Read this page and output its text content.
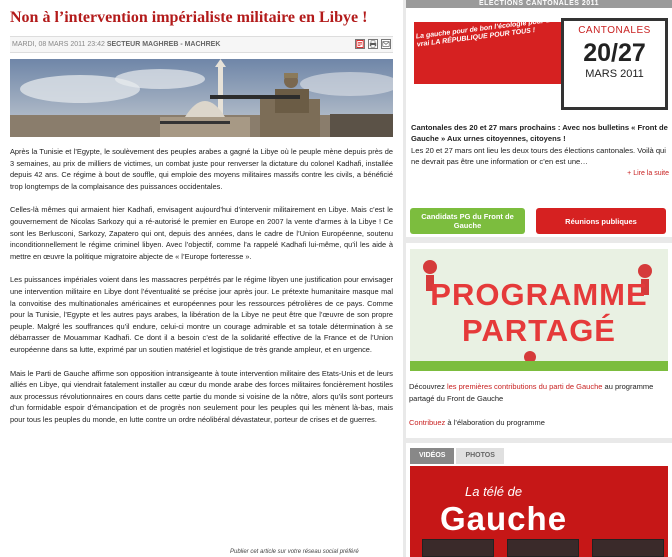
Non à l’intervention impérialiste militaire en Libye !
MARDI, 08 MARS 2011 23:42 SECTEUR MAGHREB - MACHREK

Après la Tunisie et l’Egypte, le soulèvement des peuples arabes a gagné la Libye où le peuple mène depuis près de 3 semaines, au prix de milliers de victimes, un combat juste pour renverser la dictature du colonel Kadhafi, installée depuis 42 ans. Ce régime à bout de souffle, qui emploie des moyens militaires massifs contre les civils, a bénéficié trop longtemps de la complaisance des puissances occidentales.

Celles-là mêmes qui armaient hier Kadhafi, envisagent aujourd’hui d’intervenir militairement en Libye. Mais c’est le gouvernement de Nicolas Sarkozy qui a ré-autorisé le premier en Europe en 2007 la vente d’armes à la Libye ! Ce sont les Berlusconi, Sarkozy, Zapatero qui ont, depuis des années, dans le cadre de l’Union Européenne, soutenu inconditionnellement le régime criminel libyen. Avec l’objectif, comme l’a rappelé Kadhafi lui-même, qu’il les aide à mettre en œuvre la politique migratoire abjecte de « l’Europe forteresse ».

Les puissances impériales voient dans les massacres perpétrés par le régime libyen une justification pour envisager une intervention militaire en Libye dont l’éventualité se précise jour après jour. Le prétexte humanitaire masque mal la convoitise des multinationales américaines et européennes pour les ressources pétrolières de ce pays. Comme pour la Tunisie, l’Egypte et les autres pays arabes, la libération de la Libye ne peut être que l’œuvre de son propre peuple. Malgré les souffrances qu’il endure, celui-ci montre un courage admirable et sa totale détermination à se débarrasser de Mouammar Kadhafi. Ce dont il a besoin c’est de la solidarité effective de la France et de l’Union européenne dans sa lutte, exprimé par un soutien matériel et logistique de très grande ampleur, et en urgence.

Mais le Parti de Gauche affirme son opposition intransigeante à toute intervention militaire des Etats-Unis et de leurs alliés en Libye, qui viendrait fatalement installer au cœur du monde arabe des forces militaires foncièrement hostiles aux processus révolutionnaires en cours dans cette partie du monde si voisine de la nôtre, alors qu’ils sont porteurs d’un formidable espoir d’émancipation et de progrès non seulement pour les peuples qui les mènent là-bas, mais pour tous les peuples du monde, en lutte contre un ordre néolibéral dévastateur, porteur de crises et de guerres.

Publier cet article sur votre réseau social préféré
ÉLECTIONS CANTONALES 2011
La gauche pour de bon l’écologie pour de vrai LA RÉPUBLIQUE POUR TOUS !	CANTONALES
20/27
MARS 2011
Cantonales des 20 et 27 mars prochains : Avec nos bulletins « Front de Gauche » Aux urnes citoyennes, citoyens !
Les 20 et 27 mars ont lieu les deux tours des élections cantonales. Voilà qui ne devrait pas être une information or c’en est une…
+ Lire la suite
Candidats PG du Front de Gauche	Réunions publiques
PROGRAMME
PARTAGÉ
Découvrez les premières contributions du parti de Gauche au programme partagé du Front de Gauche
Contribuez à l’élaboration du programme
VIDÉOS	PHOTOS
La télé de
Gauche
